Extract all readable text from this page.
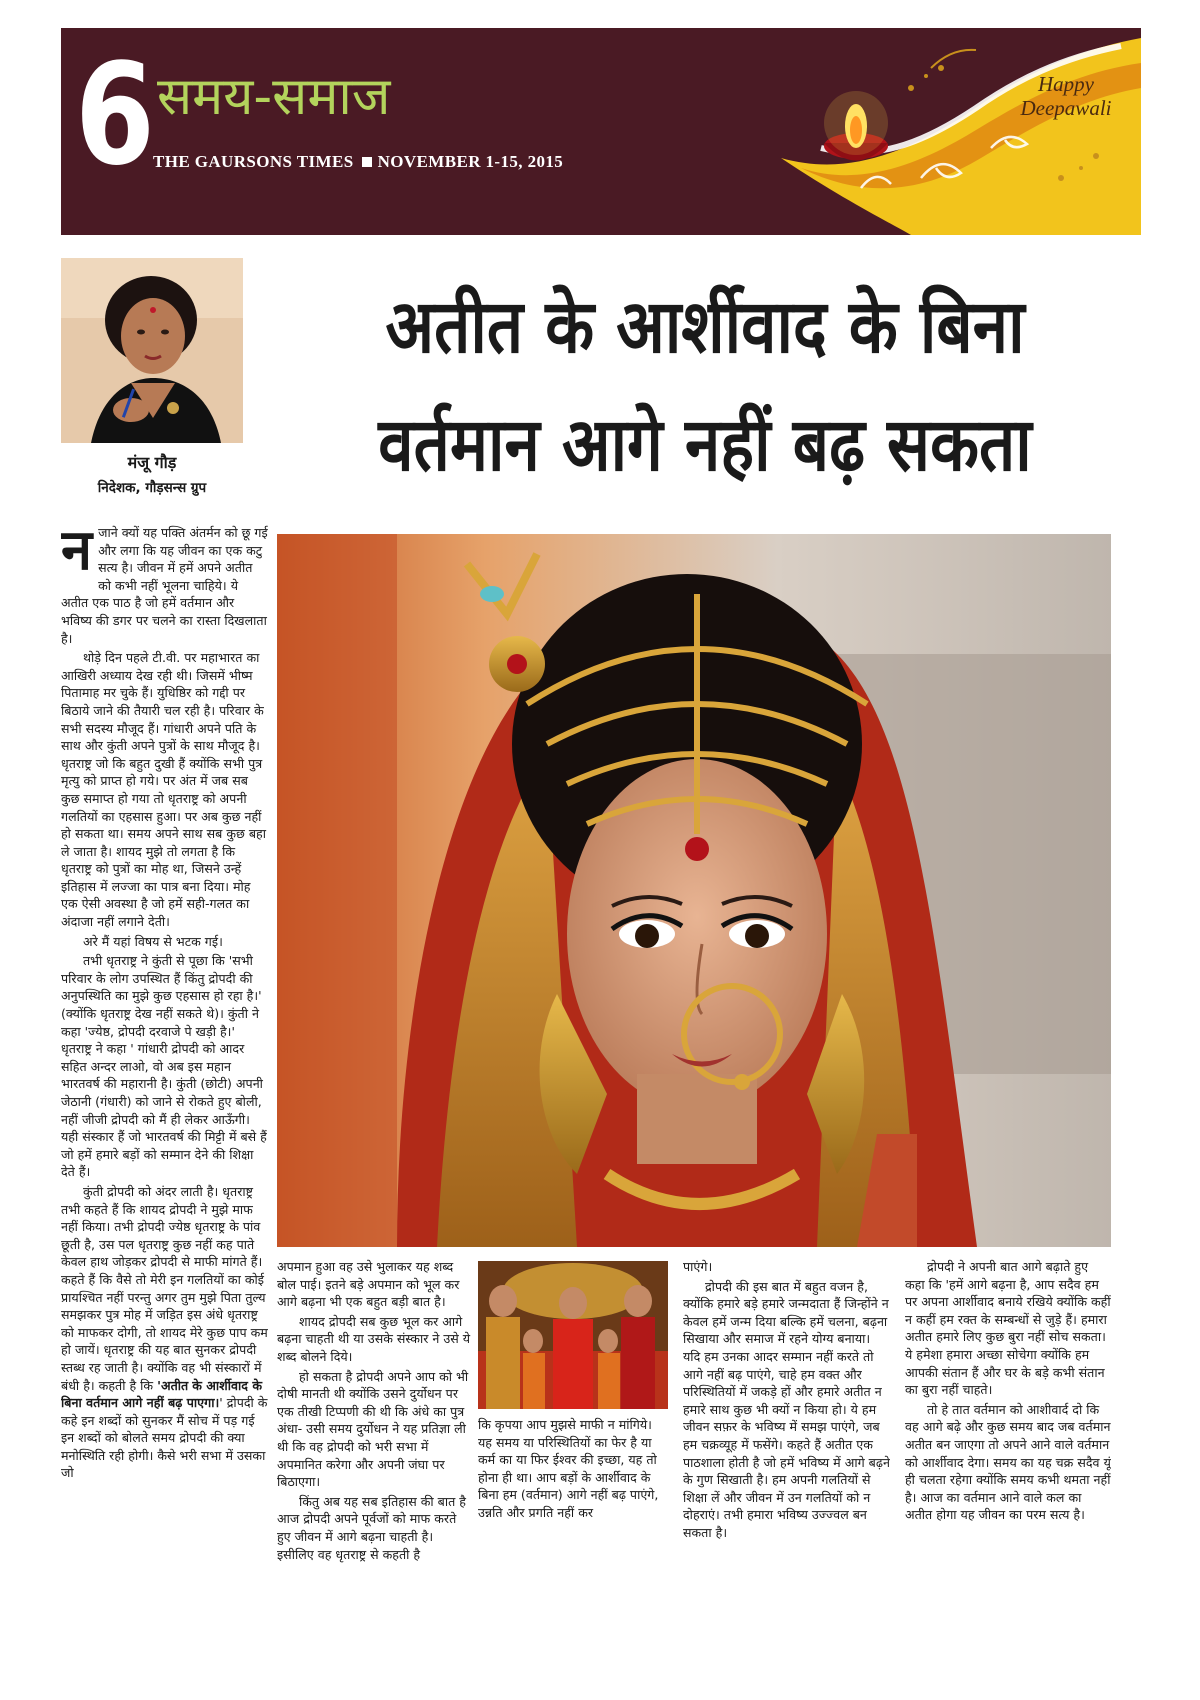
6 समय-समाज
THE GAURSONS TIMES NOVEMBER 1-15, 2015
Happy
Deepawali
मंजू गौड़
निदेशक, गौड़सन्स ग्रुप
अतीत के आर्शीवाद के बिना
वर्तमान आगे नहीं बढ़ सकता

नजाने क्यों यह पक्ति अंतर्मन को छू गई और लगा कि यह जीवन का एक कटु सत्य है। जीवन में हमें अपने अतीत को कभी नहीं भूलना चाहिये। ये अतीत एक पाठ है जो हमें वर्तमान और भविष्य की डगर पर चलने का रास्ता दिखलाता है।

थोड़े दिन पहले टी.वी. पर महाभारत का आखिरी अध्याय देख रही थी। जिसमें भीष्म पितामाह मर चुके हैं। युधिष्ठिर को गद्दी पर बिठाये जाने की तैयारी चल रही है। परिवार के सभी सदस्य मौजूद हैं। गांधारी अपने पति के साथ और कुंती अपने पुत्रों के साथ मौजूद है। धृतराष्ट्र जो कि बहुत दुखी हैं क्योंकि सभी पुत्र मृत्यु को प्राप्त हो गये। पर अंत में जब सब कुछ समाप्त हो गया तो धृतराष्ट्र को अपनी गलतियों का एहसास हुआ। पर अब कुछ नहीं हो सकता था। समय अपने साथ सब कुछ बहा ले जाता है। शायद मुझे तो लगता है कि धृतराष्ट्र को पुत्रों का मोह था, जिसने उन्हें इतिहास में लज्जा का पात्र बना दिया। मोह एक ऐसी अवस्था है जो हमें सही-गलत का अंदाजा नहीं लगाने देती।

अरे मैं यहां विषय से भटक गई।

तभी धृतराष्ट्र ने कुंती से पूछा कि 'सभी परिवार के लोग उपस्थित हैं किंतु द्रोपदी की अनुपस्थिति का मुझे कुछ एहसास हो रहा है।' (क्योंकि धृतराष्ट्र देख नहीं सकते थे)। कुंती ने कहा 'ज्येष्ठ, द्रोपदी दरवाजे पे खड़ी है।' धृतराष्ट्र ने कहा ' गांधारी द्रोपदी को आदर सहित अन्दर लाओ, वो अब इस महान भारतवर्ष की महारानी है। कुंती (छोटी) अपनी जेठानी (गंधारी) को जाने से रोकते हुए बोली, नहीं जीजी द्रोपदी को मैं ही लेकर आऊँगी। यही संस्कार हैं जो भारतवर्ष की मिट्टी में बसे हैं जो हमें हमारे बड़ों को सम्मान देने की शिक्षा देते हैं।

कुंती द्रोपदी को अंदर लाती है। धृतराष्ट्र तभी कहते हैं कि शायद द्रोपदी ने मुझे माफ नहीं किया। तभी द्रोपदी ज्येष्ठ धृतराष्ट्र के पांव छूती है, उस पल धृतराष्ट्र कुछ नहीं कह पाते केवल हाथ जोड़कर द्रोपदी से माफी मांगते हैं। कहते हैं कि वैसे तो मेरी इन गलतियों का कोई प्रायश्चित नहीं परन्तु अगर तुम मुझे पिता तुल्य समझकर पुत्र मोह में जड़ित इस अंधे धृतराष्ट्र को माफकर दोगी, तो शायद मेरे कुछ पाप कम हो जायें। धृतराष्ट्र की यह बात सुनकर द्रोपदी स्तब्ध रह जाती है। क्योंकि वह भी संस्कारों में बंधी है। कहती है कि 'अतीत के आर्शीवाद के बिना वर्तमान आगे नहीं बढ़ पाएगा।' द्रोपदी के कहे इन शब्दों को सुनकर मैं सोच में पड़ गई इन शब्दों को बोलते समय द्रोपदी की क्या मनोस्थिति रही होगी। कैसे भरी सभा में उसका जो

अपमान हुआ वह उसे भुलाकर यह शब्द बोल पाई। इतने बड़े अपमान को भूल कर आगे बढ़ना भी एक बहुत बड़ी बात है।

शायद द्रोपदी सब कुछ भूल कर आगे बढ़ना चाहती थी या उसके संस्कार ने उसे ये शब्द बोलने दिये।

हो सकता है द्रोपदी अपने आप को भी दोषी मानती थी क्योंकि उसने दुर्योधन पर एक तीखी टिप्पणी की थी कि अंधे का पुत्र अंधा- उसी समय दुर्योधन ने यह प्रतिज्ञा ली थी कि वह द्रोपदी को भरी सभा में अपमानित करेगा और अपनी जंघा पर बिठाएगा।

किंतु अब यह सब इतिहास की बात है आज द्रोपदी अपने पूर्वजों को माफ करते हुए जीवन में आगे बढ़ना चाहती है। इसीलिए वह धृतराष्ट्र से कहती है

कि कृपया आप मुझसे माफी न मांगिये। यह समय या परिस्थितियों का फेर है या कर्म का या फिर ईश्वर की इच्छा, यह तो होना ही था। आप बड़ों के आर्शीवाद के बिना हम (वर्तमान) आगे नहीं बढ़ पाएंगे, उन्नति और प्रगति नहीं कर

पाएंगे।

द्रोपदी की इस बात में बहुत वजन है, क्योंकि हमारे बड़े हमारे जन्मदाता हैं जिन्होंने न केवल हमें जन्म दिया बल्कि हमें चलना, बढ़ना सिखाया और समाज में रहने योग्य बनाया। यदि हम उनका आदर सम्मान नहीं करते तो आगे नहीं बढ़ पाएंगे, चाहे हम वक्त और परिस्थितियों में जकड़े हों और हमारे अतीत न हमारे साथ कुछ भी क्यों न किया हो। ये हम जीवन सफ़र के भविष्य में समझ पाएंगे, जब हम चक्रव्यूह में फसेंगे। कहते हैं अतीत एक पाठशाला होती है जो हमें भविष्य में आगे बढ़ने के गुण सिखाती है। हम अपनी गलतियों से शिक्षा लें और जीवन में उन गलतियों को न दोहराएं। तभी हमारा भविष्य उज्ज्वल बन सकता है।

द्रोपदी ने अपनी बात आगे बढ़ाते हुए कहा कि 'हमें आगे बढ़ना है, आप सदैव हम पर अपना आर्शीवाद बनाये रखिये क्योंकि कहीं न कहीं हम रक्त के सम्बन्धों से जुड़े हैं। हमारा अतीत हमारे लिए कुछ बुरा नहीं सोच सकता। ये हमेशा हमारा अच्छा सोचेगा क्योंकि हम आपकी संतान हैं और घर के बड़े कभी संतान का बुरा नहीं चाहते।

तो हे तात वर्तमान को आशीवार्द दो कि वह आगे बढ़े और कुछ समय बाद जब वर्तमान अतीत बन जाएगा तो अपने आने वाले वर्तमान को आर्शीवाद देगा। समय का यह चक्र सदैव यूं ही चलता रहेगा क्योंकि समय कभी थमता नहीं है। आज का वर्तमान आने वाले कल का अतीत होगा यह जीवन का परम सत्य है।
